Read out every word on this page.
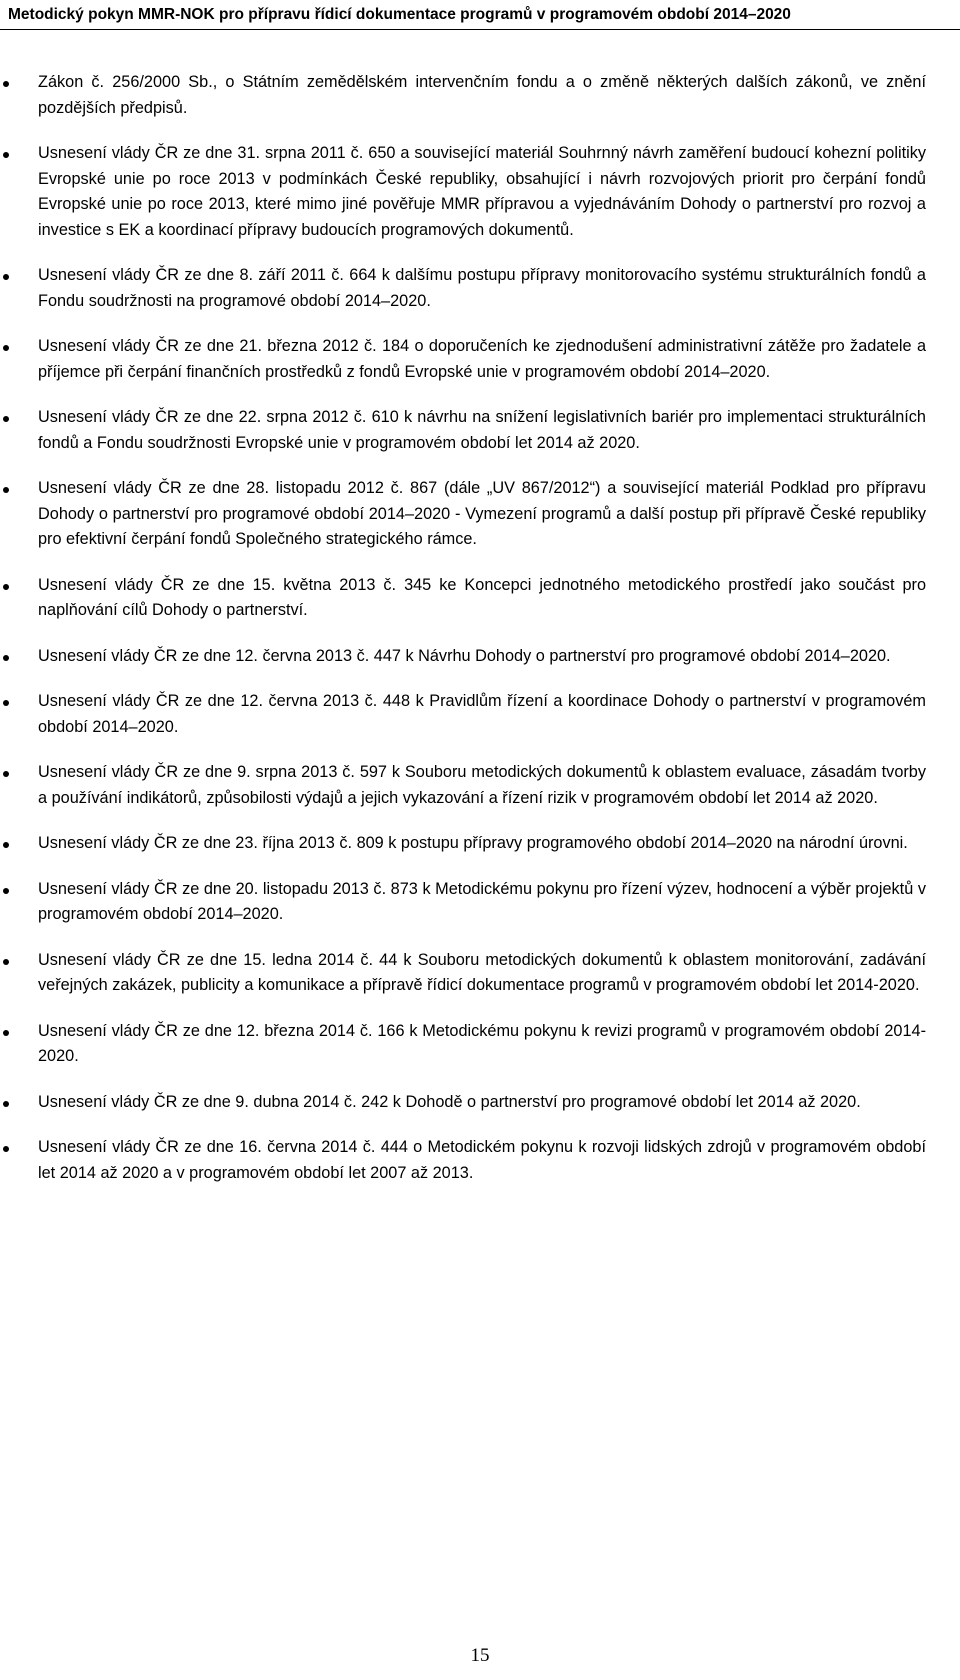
Metodický pokyn MMR-NOK pro přípravu řídicí dokumentace programů v programovém období 2014–2020
Zákon č. 256/2000 Sb., o Státním zemědělském intervenčním fondu a o změně některých dalších zákonů, ve znění pozdějších předpisů.
Usnesení vlády ČR ze dne 31. srpna 2011 č. 650 a související materiál Souhrnný návrh zaměření budoucí kohezní politiky Evropské unie po roce 2013 v podmínkách České republiky, obsahující i návrh rozvojových priorit pro čerpání fondů Evropské unie po roce 2013, které mimo jiné pověřuje MMR přípravou a vyjednáváním Dohody o partnerství pro rozvoj a investice s EK a koordinací přípravy budoucích programových dokumentů.
Usnesení vlády ČR ze dne 8. září 2011 č. 664 k dalšímu postupu přípravy monitorovacího systému strukturálních fondů a Fondu soudržnosti na programové období 2014–2020.
Usnesení vlády ČR ze dne 21. března 2012 č. 184 o doporučeních ke zjednodušení administrativní zátěže pro žadatele a příjemce při čerpání finančních prostředků z fondů Evropské unie v programovém období 2014–2020.
Usnesení vlády ČR ze dne 22. srpna 2012 č. 610 k návrhu na snížení legislativních bariér pro implementaci strukturálních fondů a Fondu soudržnosti Evropské unie v programovém období let 2014 až 2020.
Usnesení vlády ČR ze dne 28. listopadu 2012 č. 867 (dále „UV 867/2012“) a související materiál Podklad pro přípravu Dohody o partnerství pro programové období 2014–2020 - Vymezení programů a další postup při přípravě České republiky pro efektivní čerpání fondů Společného strategického rámce.
Usnesení vlády ČR ze dne 15. května 2013 č. 345 ke Koncepci jednotného metodického prostředí jako součást pro naplňování cílů Dohody o partnerství.
Usnesení vlády ČR ze dne 12. června 2013 č. 447 k Návrhu Dohody o partnerství pro programové období 2014–2020.
Usnesení vlády ČR ze dne 12. června 2013 č. 448 k Pravidlům řízení a koordinace Dohody o partnerství v programovém období 2014–2020.
Usnesení vlády ČR ze dne 9. srpna 2013 č. 597 k Souboru metodických dokumentů k oblastem evaluace, zásadám tvorby a používání indikátorů, způsobilosti výdajů a jejich vykazování a řízení rizik v programovém období let 2014 až 2020.
Usnesení vlády ČR ze dne 23. října 2013 č. 809 k postupu přípravy programového období 2014–2020 na národní úrovni.
Usnesení vlády ČR ze dne 20. listopadu 2013 č. 873 k Metodickému pokynu pro řízení výzev, hodnocení a výběr projektů v programovém období 2014–2020.
Usnesení vlády ČR ze dne 15. ledna 2014 č. 44 k Souboru metodických dokumentů k oblastem monitorování, zadávání veřejných zakázek, publicity a komunikace a přípravě řídicí dokumentace programů v programovém období let 2014-2020.
Usnesení vlády ČR ze dne 12. března 2014 č. 166 k Metodickému pokynu k revizi programů v programovém období 2014-2020.
Usnesení vlády ČR ze dne 9. dubna 2014 č. 242 k Dohodě o partnerství pro programové období let 2014 až 2020.
Usnesení vlády ČR ze dne 16. června 2014 č. 444 o Metodickém pokynu k rozvoji lidských zdrojů v programovém období let 2014 až 2020 a v programovém období let 2007 až 2013.
15
